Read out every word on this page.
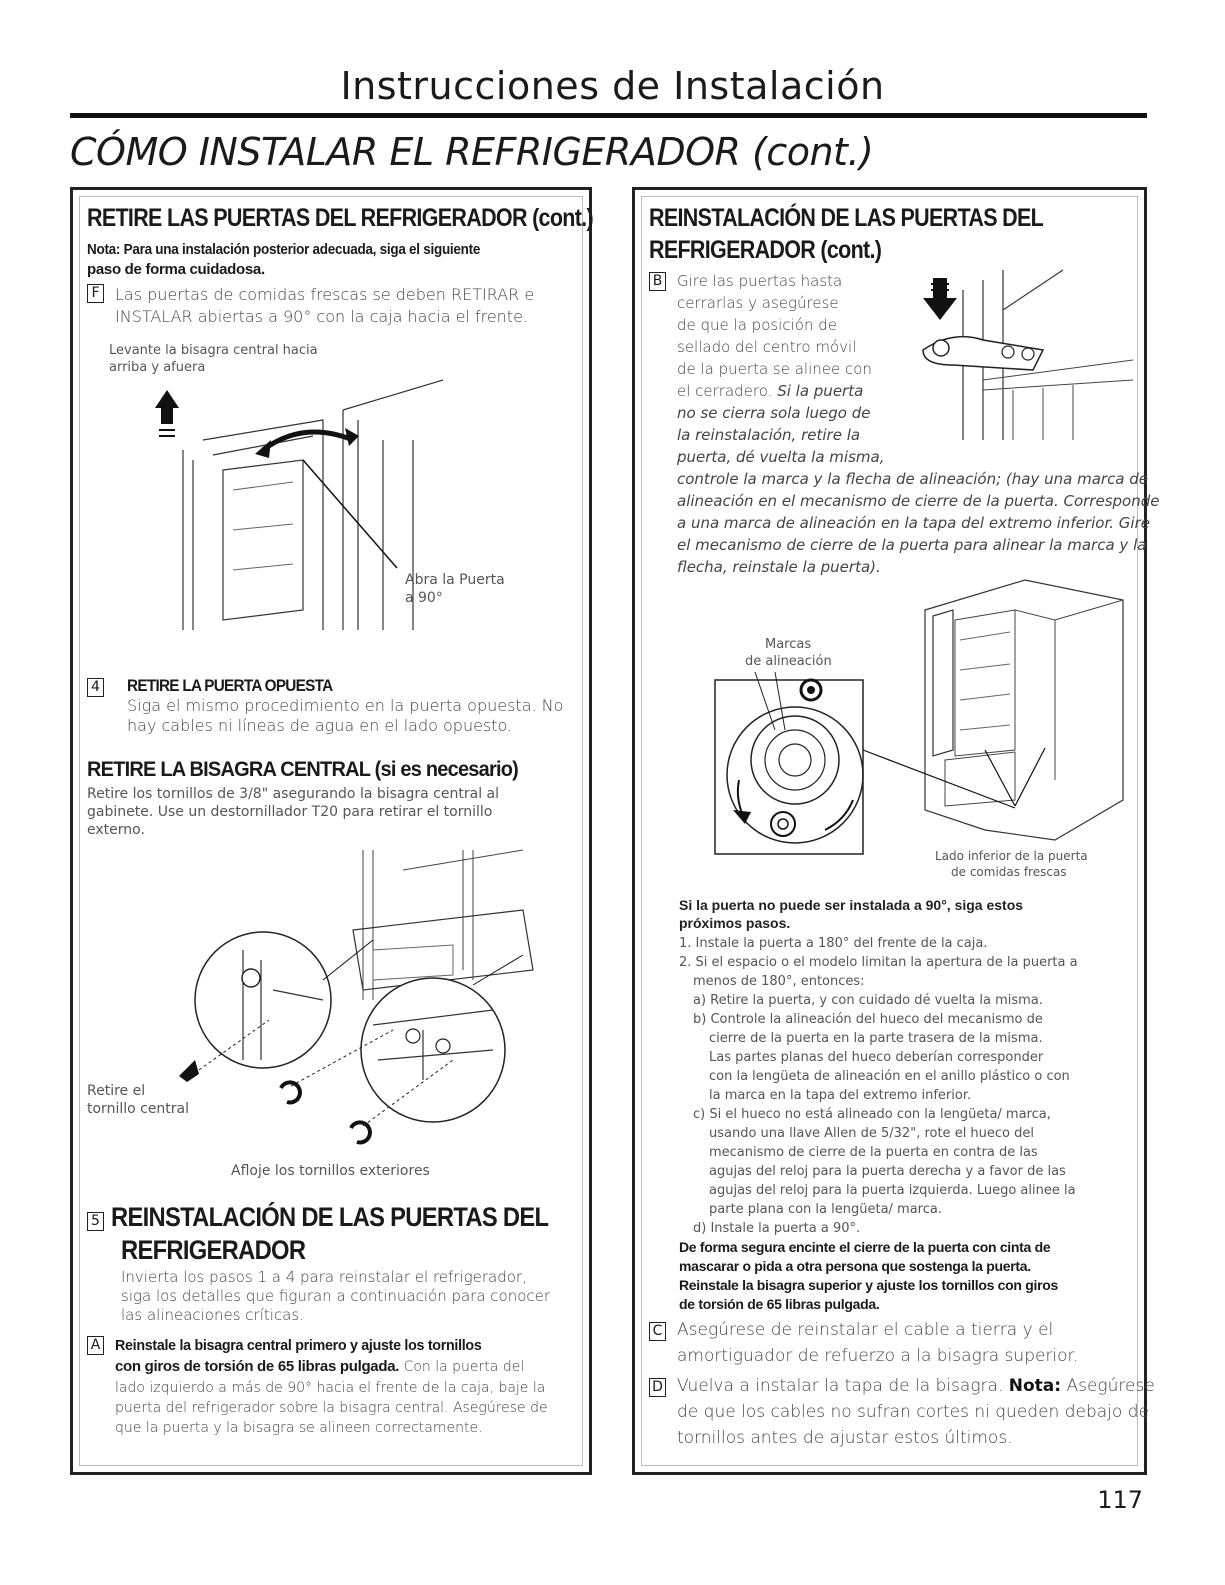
Instrucciones de Instalación
CÓMO INSTALAR EL REFRIGERADOR (cont.)
RETIRE LAS PUERTAS DEL REFRIGERADOR (cont.)
Nota: Para una instalación posterior adecuada, siga el siguiente
paso de forma cuidadosa.
F Las puertas de comidas frescas se deben RETIRAR e
INSTALAR abiertas a 90° con la caja hacia el frente.
Levante la bisagra central hacia
arriba y afuera
Abra la Puerta
a 90°
4	RETIRE LA PUERTA OPUESTA
Siga el mismo procedimiento en la puerta opuesta. No
hay cables ni líneas de agua en el lado opuesto.
RETIRE LA BISAGRA CENTRAL (si es necesario)
Retire los tornillos de 3/8" asegurando la bisagra central al
gabinete. Use un destornillador T20 para retirar el tornillo
externo.
Retire el
tornillo central
Afloje los tornillos exteriores
5 REINSTALACIÓN DE LAS PUERTAS DEL
REFRIGERADOR
Invierta los pasos 1 a 4 para reinstalar el refrigerador,
siga los detalles que figuran a continuación para conocer
las alineaciones críticas.
A Reinstale la bisagra central primero y ajuste los tornillos
con giros de torsión de 65 libras pulgada. Con la puerta del
lado izquierdo a más de 90° hacia el frente de la caja, baje la
puerta del refrigerador sobre la bisagra central. Asegúrese de
que la puerta y la bisagra se alineen correctamente.
REINSTALACIÓN DE LAS PUERTAS DEL
REFRIGERADOR (cont.)
B Gire las puertas hasta
cerrarlas y asegúrese
de que la posición de
sellado del centro móvil
de la puerta se alinee con
el cerradero. Si la puerta
no se cierra sola luego de
la reinstalación, retire la
puerta, dé vuelta la misma,
controle la marca y la flecha de alineación; (hay una marca de
alineación en el mecanismo de cierre de la puerta. Corresponde
a una marca de alineación en la tapa del extremo inferior. Gire
el mecanismo de cierre de la puerta para alinear la marca y la
flecha, reinstale la puerta).
Marcas
de alineación
Lado inferior de la puerta
de comidas frescas
Si la puerta no puede ser instalada a 90°, siga estos
próximos pasos.
1. Instale la puerta a 180° del frente de la caja.
2. Si el espacio o el modelo limitan la apertura de la puerta a
menos de 180°, entonces:
a) Retire la puerta, y con cuidado dé vuelta la misma.
b) Controle la alineación del hueco del mecanismo de
cierre de la puerta en la parte trasera de la misma.
Las partes planas del hueco deberían corresponder
con la lengüeta de alineación en el anillo plástico o con
la marca en la tapa del extremo inferior.
c) Si el hueco no está alineado con la lengüeta/ marca,
usando una llave Allen de 5/32", rote el hueco del
mecanismo de cierre de la puerta en contra de las
agujas del reloj para la puerta derecha y a favor de las
agujas del reloj para la puerta izquierda. Luego alinee la
parte plana con la lengüeta/ marca.
d) Instale la puerta a 90°.
De forma segura encinte el cierre de la puerta con cinta de
mascarar o pida a otra persona que sostenga la puerta.
Reinstale la bisagra superior y ajuste los tornillos con giros
de torsión de 65 libras pulgada.
C Asegúrese de reinstalar el cable a tierra y el
amortiguador de refuerzo a la bisagra superior.
D Vuelva a instalar la tapa de la bisagra. Nota: Asegúrese
de que los cables no sufran cortes ni queden debajo de
tornillos antes de ajustar estos últimos.
117
